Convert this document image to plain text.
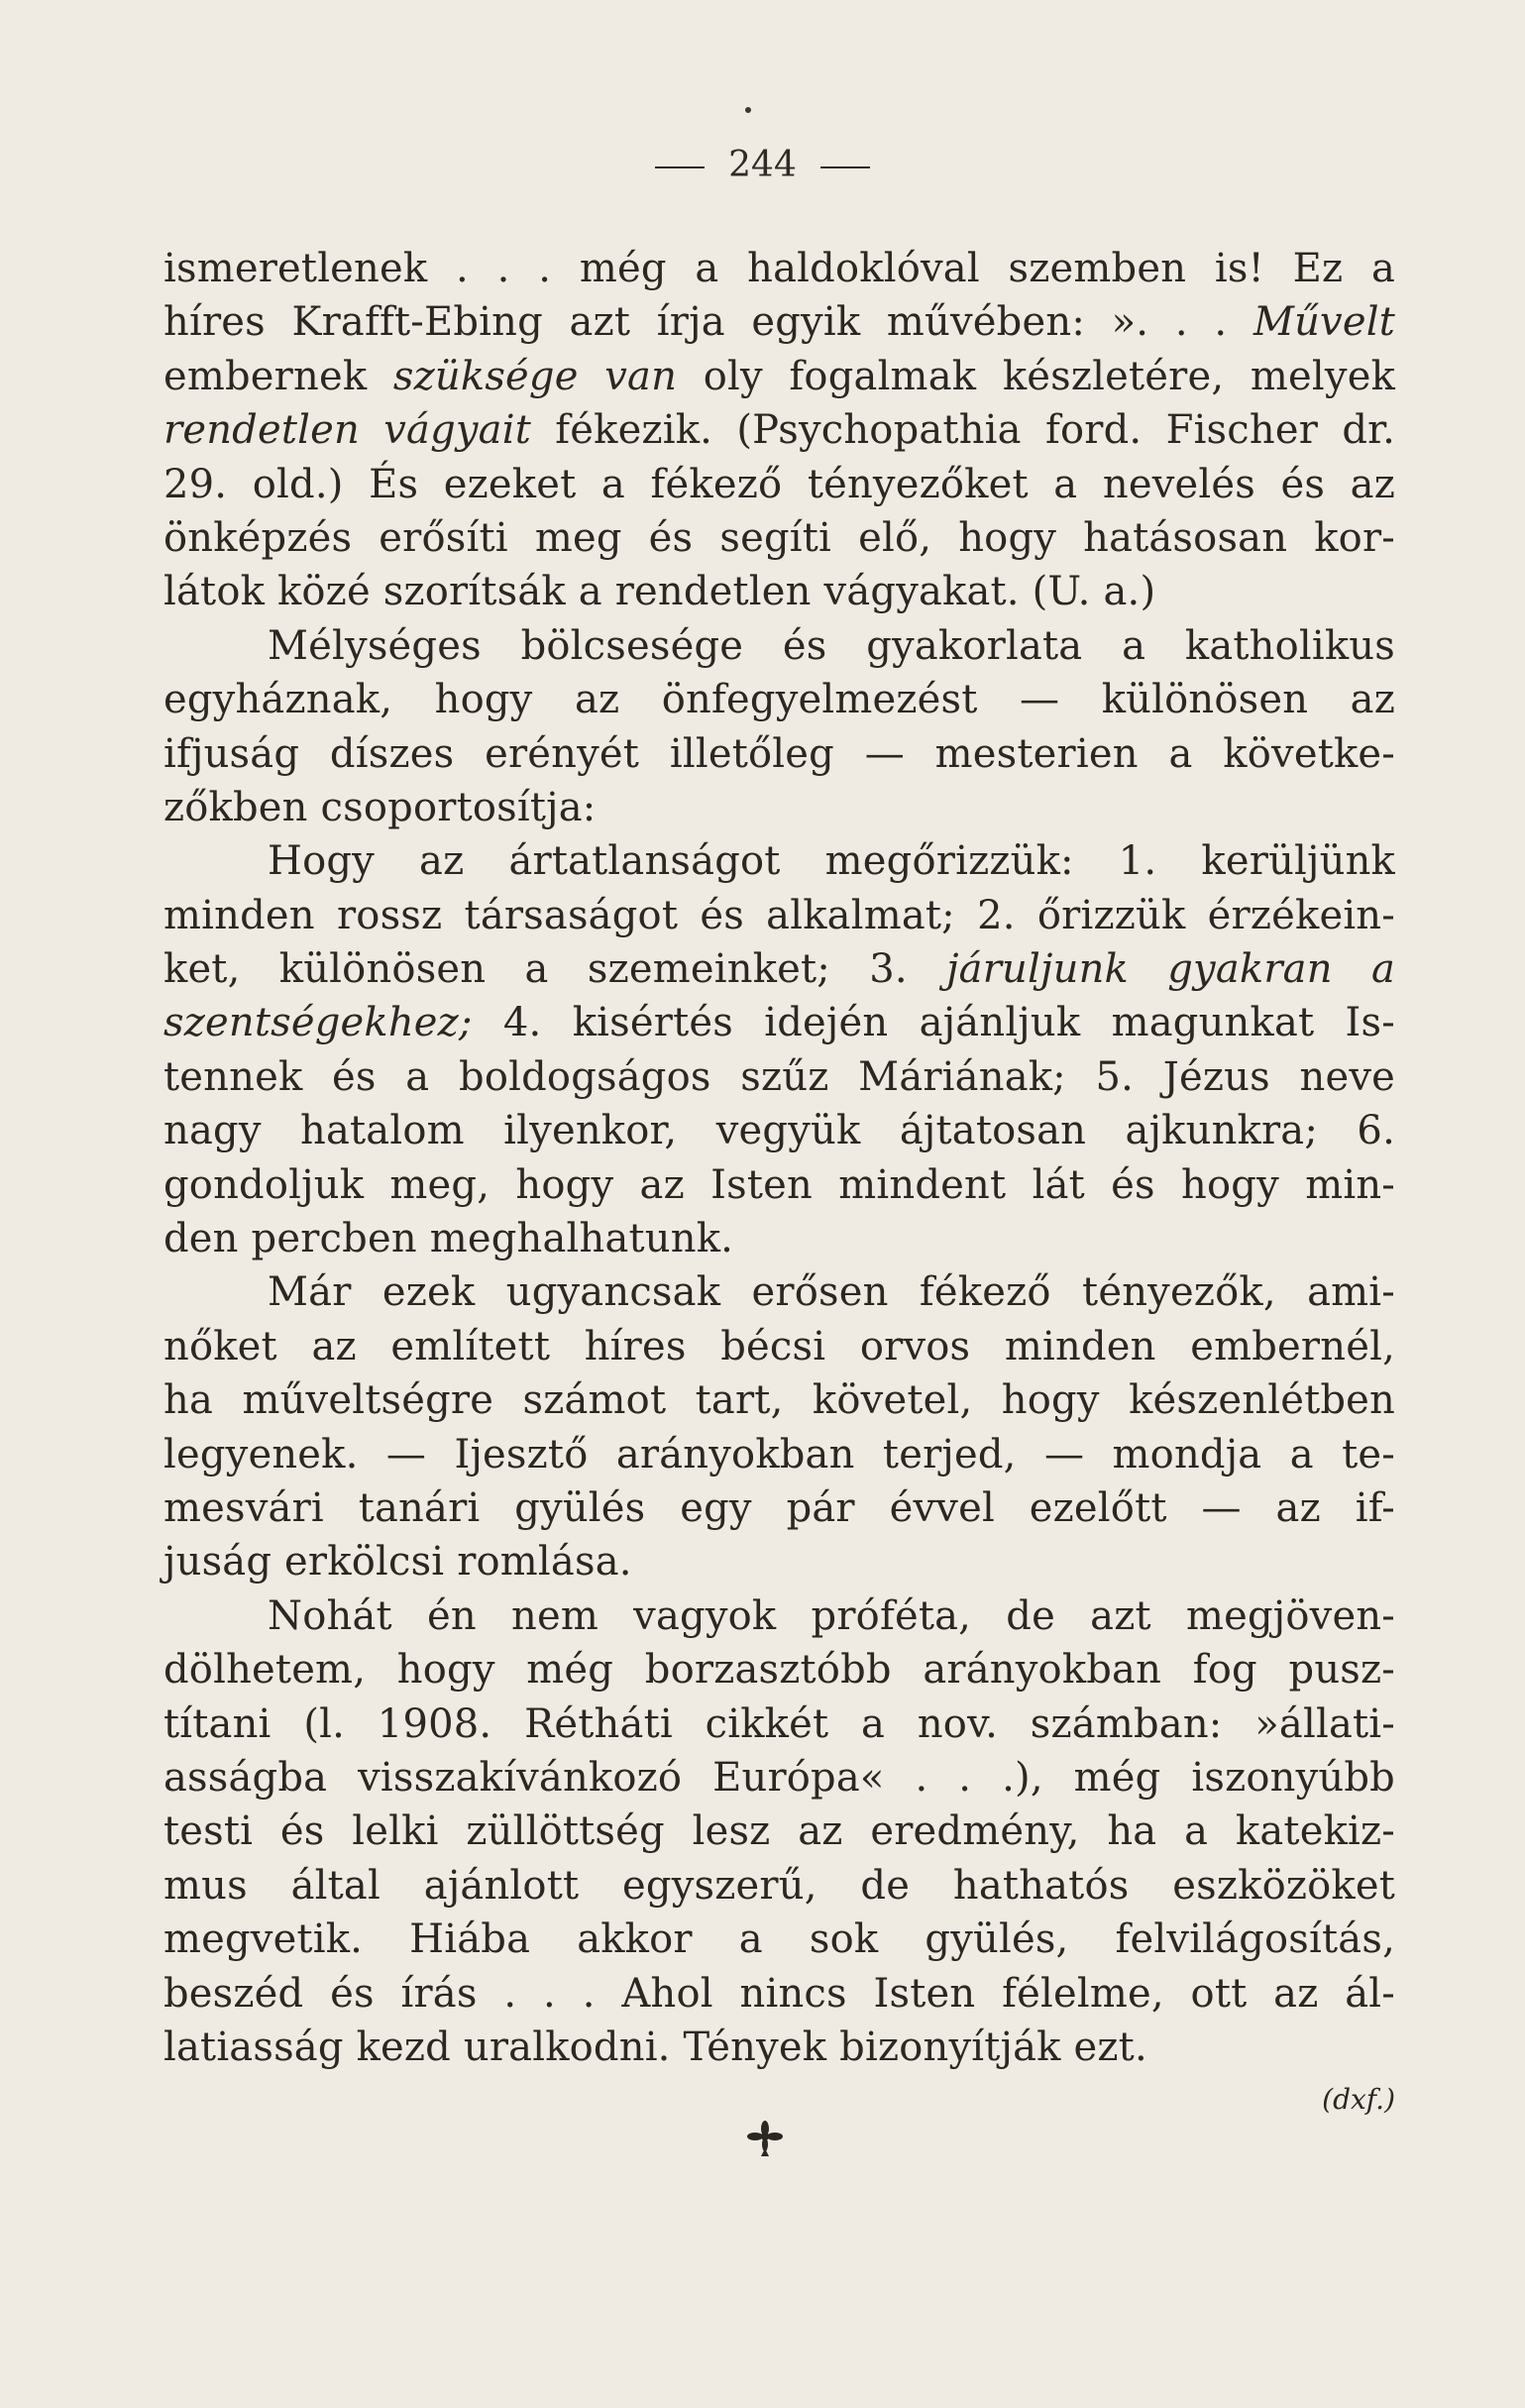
244
ismeretlenek . . . még a haldoklóval szemben is! Ez a
híres Krafft-Ebing azt írja egyik művében: ». . . Művelt
embernek szüksége van oly fogalmak készletére, melyek
rendetlen vágyait fékezik. (Psychopathia ford. Fischer dr.
29. old.) És ezeket a fékező tényezőket a nevelés és az
önképzés erősíti meg és segíti elő, hogy hatásosan kor-
látok közé szorítsák a rendetlen vágyakat. (U. a.)
Mélységes bölcsesége és gyakorlata a katholikus
egyháznak, hogy az önfegyelmezést — különösen az
ifjuság díszes erényét illetőleg — mesterien a követke-
zőkben csoportosítja:
Hogy az ártatlanságot megőrizzük: 1. kerüljünk
minden rossz társaságot és alkalmat; 2. őrizzük érzékein-
ket, különösen a szemeinket; 3. járuljunk gyakran a
szentségekhez; 4. kisértés idején ajánljuk magunkat Is-
tennek és a boldogságos szűz Máriának; 5. Jézus neve
nagy hatalom ilyenkor, vegyük ájtatosan ajkunkra; 6.
gondoljuk meg, hogy az Isten mindent lát és hogy min-
den percben meghalhatunk.
Már ezek ugyancsak erősen fékező tényezők, ami-
nőket az említett híres bécsi orvos minden embernél,
ha műveltségre számot tart, követel, hogy készenlétben
legyenek. — Ijesztő arányokban terjed, — mondja a te-
mesvári tanári gyülés egy pár évvel ezelőtt — az if-
juság erkölcsi romlása.
Nohát én nem vagyok próféta, de azt megjöven-
dölhetem, hogy még borzasztóbb arányokban fog pusz-
títani (l. 1908. Rétháti cikkét a nov. számban: »állati-
asságba visszakívánkozó Európa« . . .), még iszonyúbb
testi és lelki züllöttség lesz az eredmény, ha a katekiz-
mus által ajánlott egyszerű, de hathatós eszközöket
megvetik. Hiába akkor a sok gyülés, felvilágosítás,
beszéd és írás . . . Ahol nincs Isten félelme, ott az ál-
latiasság kezd uralkodni. Tények bizonyítják ezt.
(dxf.)
